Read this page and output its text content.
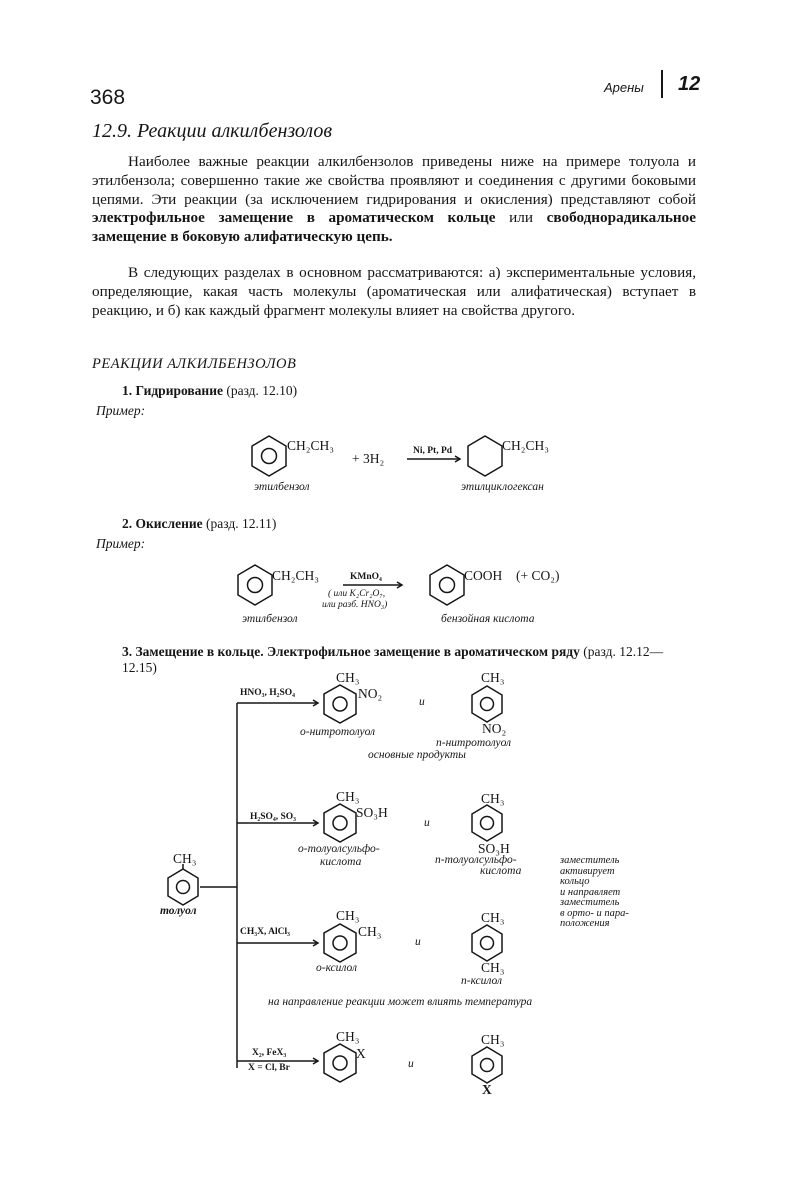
368	Арены 12
12.9. Реакции алкилбензолов
Наиболее важные реакции алкилбензолов приведены ниже на примере толуола и этилбензола; совершенно такие же свойства проявляют и соединения с другими боковыми цепями. Эти реакции (за исключением гидрирования и окисления) представляют собой электрофильное замещение в ароматическом кольце или свободнорадикальное замещение в боковую алифатическую цепь.
В следующих разделах в основном рассматриваются: а) экспериментальные условия, определяющие, какая часть молекулы (ароматическая или алифатическая) вступает в реакцию, и б) как каждый фрагмент молекулы влияет на свойства другого.
РЕАКЦИИ АЛКИЛБЕНЗОЛОВ
1. Гидрирование (разд. 12.10)
Пример:
CH₂CH₃
+ 3H₂	Ni, Pt, Pd	CH₂CH₃
этилбензол	этилциклогексан
2. Окисление (разд. 12.11)
Пример:
CH₂CH₃	KMnO₄
( или K₂Cr₂O₇,
или разб. HNO₃)
COOH (+ CO₂)
этилбензол	бензойная кислота
3. Замещение в кольце. Электрофильное замещение в ароматическом ряду (разд. 12.12—12.15)
CH₃
толуол
HNO₃, H₂SO₄
CH₃
NO₂
и
CH₃
NO₂
о-нитротолуол
п-нитротолуол
основные продукты
H₂SO₄, SO₃
CH₃
SO₃H
и
CH₃
SO₃H
о-толуолсульфо-
кислота	п-толуолсульфо-
кислота
заместитель
активирует
кольцо
и направляет
заместитель
в орто- и пара-
положения
CH₃X, AlCl₃
CH₃
CH₃
и
CH₃
CH₃
о-ксилол
п-ксилол
на направление реакции может влиять температура
X₂, FeX₃
X = Cl, Br
CH₃
X
и
CH₃
X
